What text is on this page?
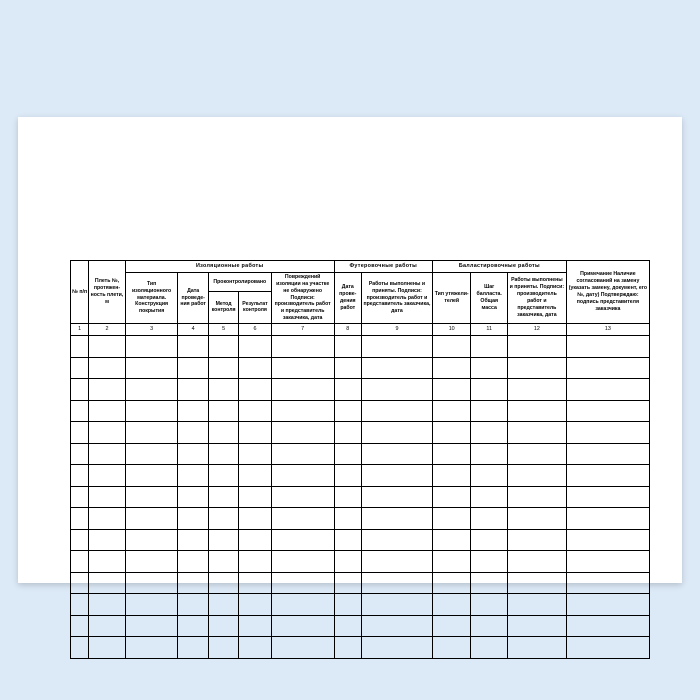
№ п/п	Плеть №, протяжен-ность плети, м	Изоляционные работы					Футеровочные работы		Балластировочные работы			Примечание Наличие согласований на замену (указать замену, документ, его №, дату) Подтверждаю: подпись представителя заказчика
		Тип изоляционного материала. Конструкция покрытия	Дата проведе-ния работ	Проконтролировано		Повреждений изоляции на участке не обнаружено Подписи: производитель работ и представитель заказчика, дата	Дата прове-дения работ	Работы выполнены и приняты. Подписи: производитель работ и представитель заказчика, дата	Тип утяжели-телей	Шаг балласта. Общая масса	Работы выполнены и приняты. Подписи: производитель работ и представитель заказчика, дата	
				Метод контроля	Результат контроля							
1	2	3	4	5	6	7	8	9	10	11	12	13
